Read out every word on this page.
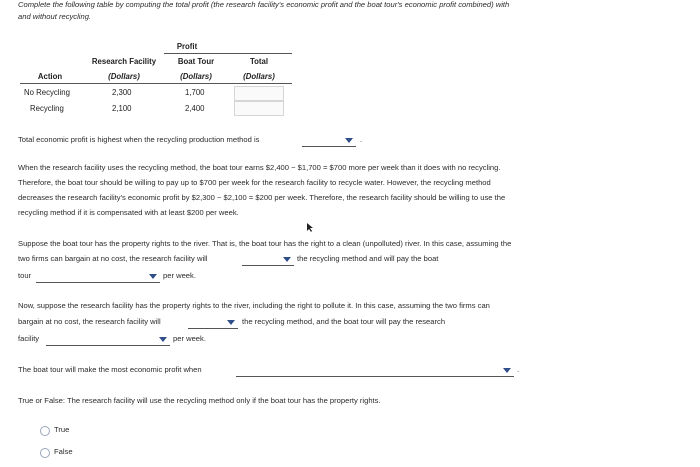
Complete the following table by computing the total profit (the research facility's economic profit and the boat tour's economic profit combined) with
and without recycling.
Profit
Research Facility	Boat Tour	Total
Action	(Dollars)	(Dollars)	(Dollars)
No Recycling	2,300	1,700
Recycling	2,100	2,400
Total economic profit is highest when the recycling production method is	.
When the research facility uses the recycling method, the boat tour earns $2,400 − $1,700 = $700 more per week than it does with no recycling.
Therefore, the boat tour should be willing to pay up to $700 per week for the research facility to recycle water. However, the recycling method
decreases the research facility's economic profit by $2,300 − $2,100 = $200 per week. Therefore, the research facility should be willing to use the
recycling method if it is compensated with at least $200 per week.
Suppose the boat tour has the property rights to the river. That is, the boat tour has the right to a clean (unpolluted) river. In this case, assuming the
two firms can bargain at no cost, the research facility will	the recycling method and will pay the boat
tour	per week.
Now, suppose the research facility has the property rights to the river, including the right to pollute it. In this case, assuming the two firms can
bargain at no cost, the research facility will	the recycling method, and the boat tour will pay the research
facility	per week.
The boat tour will make the most economic profit when	.
True or False: The research facility will use the recycling method only if the boat tour has the property rights.
True
False
